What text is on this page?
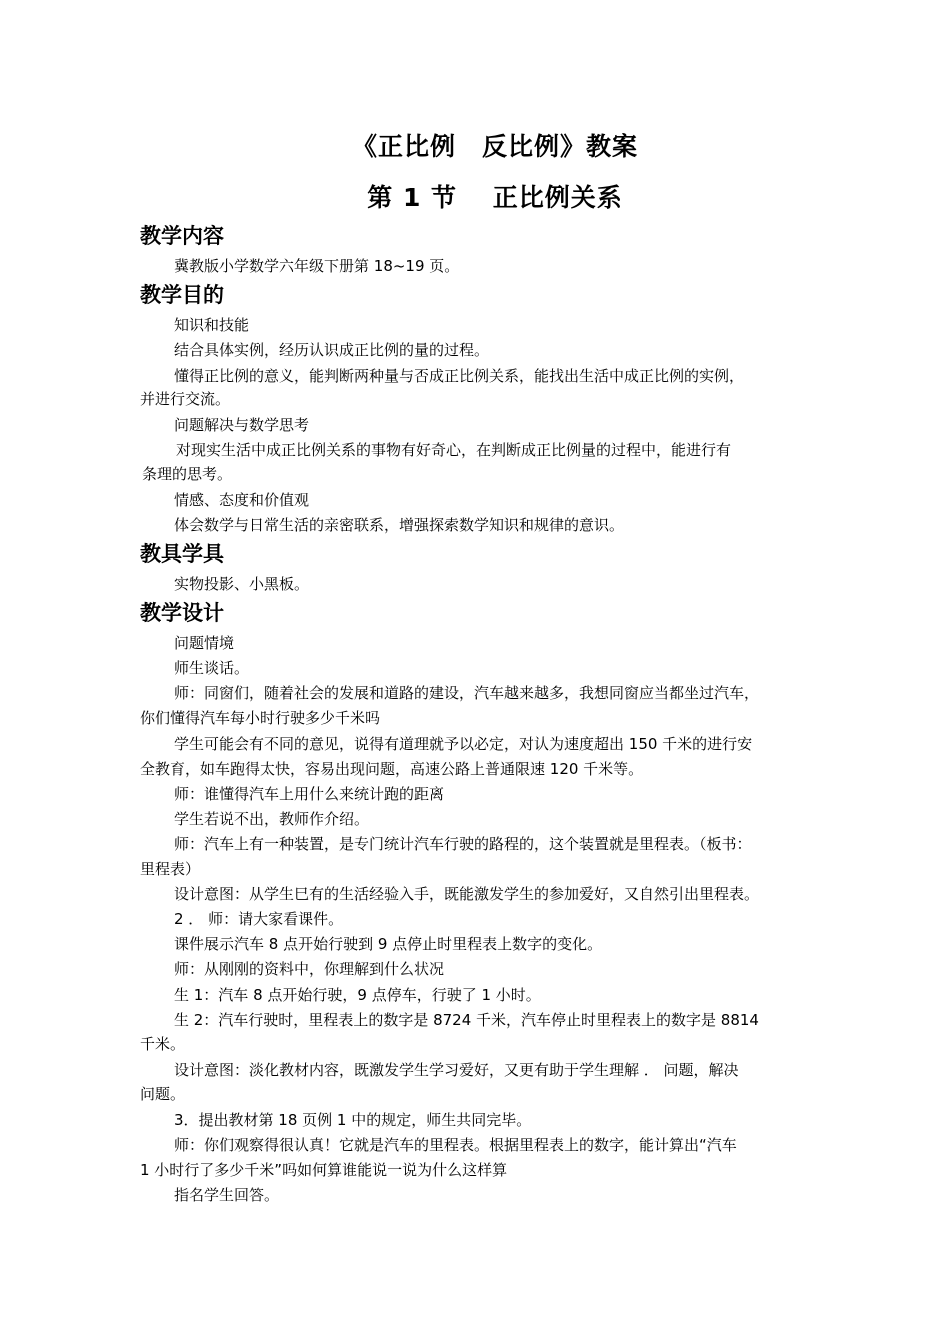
《正比例　反比例》教案
第 1 节　 正比例关系
教学内容
冀教版小学数学六年级下册第 18~19 页。
教学目的
知识和技能
结合具体实例，经历认识成正比例的量的过程。
懂得正比例的意义，能判断两种量与否成正比例关系，能找出生活中成正比例的实例，
并进行交流。
问题解决与数学思考
对现实生活中成正比例关系的事物有好奇心，在判断成正比例量的过程中，能进行有
条理的思考。
情感、态度和价值观
体会数学与日常生活的亲密联系，增强探索数学知识和规律的意识。
教具学具
实物投影、小黑板。
教学设计
问题情境
师生谈话。
师：同窗们，随着社会的发展和道路的建设，汽车越来越多，我想同窗应当都坐过汽车，
你们懂得汽车每小时行驶多少千米吗
学生可能会有不同的意见，说得有道理就予以必定，对认为速度超出 150 千米的进行安
全教育，如车跑得太快，容易出现问题，高速公路上普通限速 120 千米等。
师：谁懂得汽车上用什么来统计跑的距离
学生若说不出，教师作介绍。
师：汽车上有一种装置，是专门统计汽车行驶的路程的，这个装置就是里程表。（板书：
里程表）
设计意图：从学生巳有的生活经验入手，既能激发学生的参加爱好，又自然引出里程表。
2 ． 师：请大家看课件。
课件展示汽车 8 点开始行驶到 9 点停止时里程表上数字的变化。
师：从刚刚的资料中，你理解到什么状况
生 1：汽车 8 点开始行驶，9 点停车，行驶了 1 小时。
生 2：汽车行驶时，里程表上的数字是 8724 千米，汽车停止时里程表上的数字是 8814
千米。
设计意图：淡化教材内容，既激发学生学习爱好，又更有助于学生理解 ． 问题，解决
问题。
3．提出教材第 18 页例 1 中的规定，师生共同完毕。
师：你们观察得很认真！它就是汽车的里程表。根据里程表上的数字，能计算出“汽车
1 小时行了多少千米”吗如何算谁能说一说为什么这样算
指名学生回答。
